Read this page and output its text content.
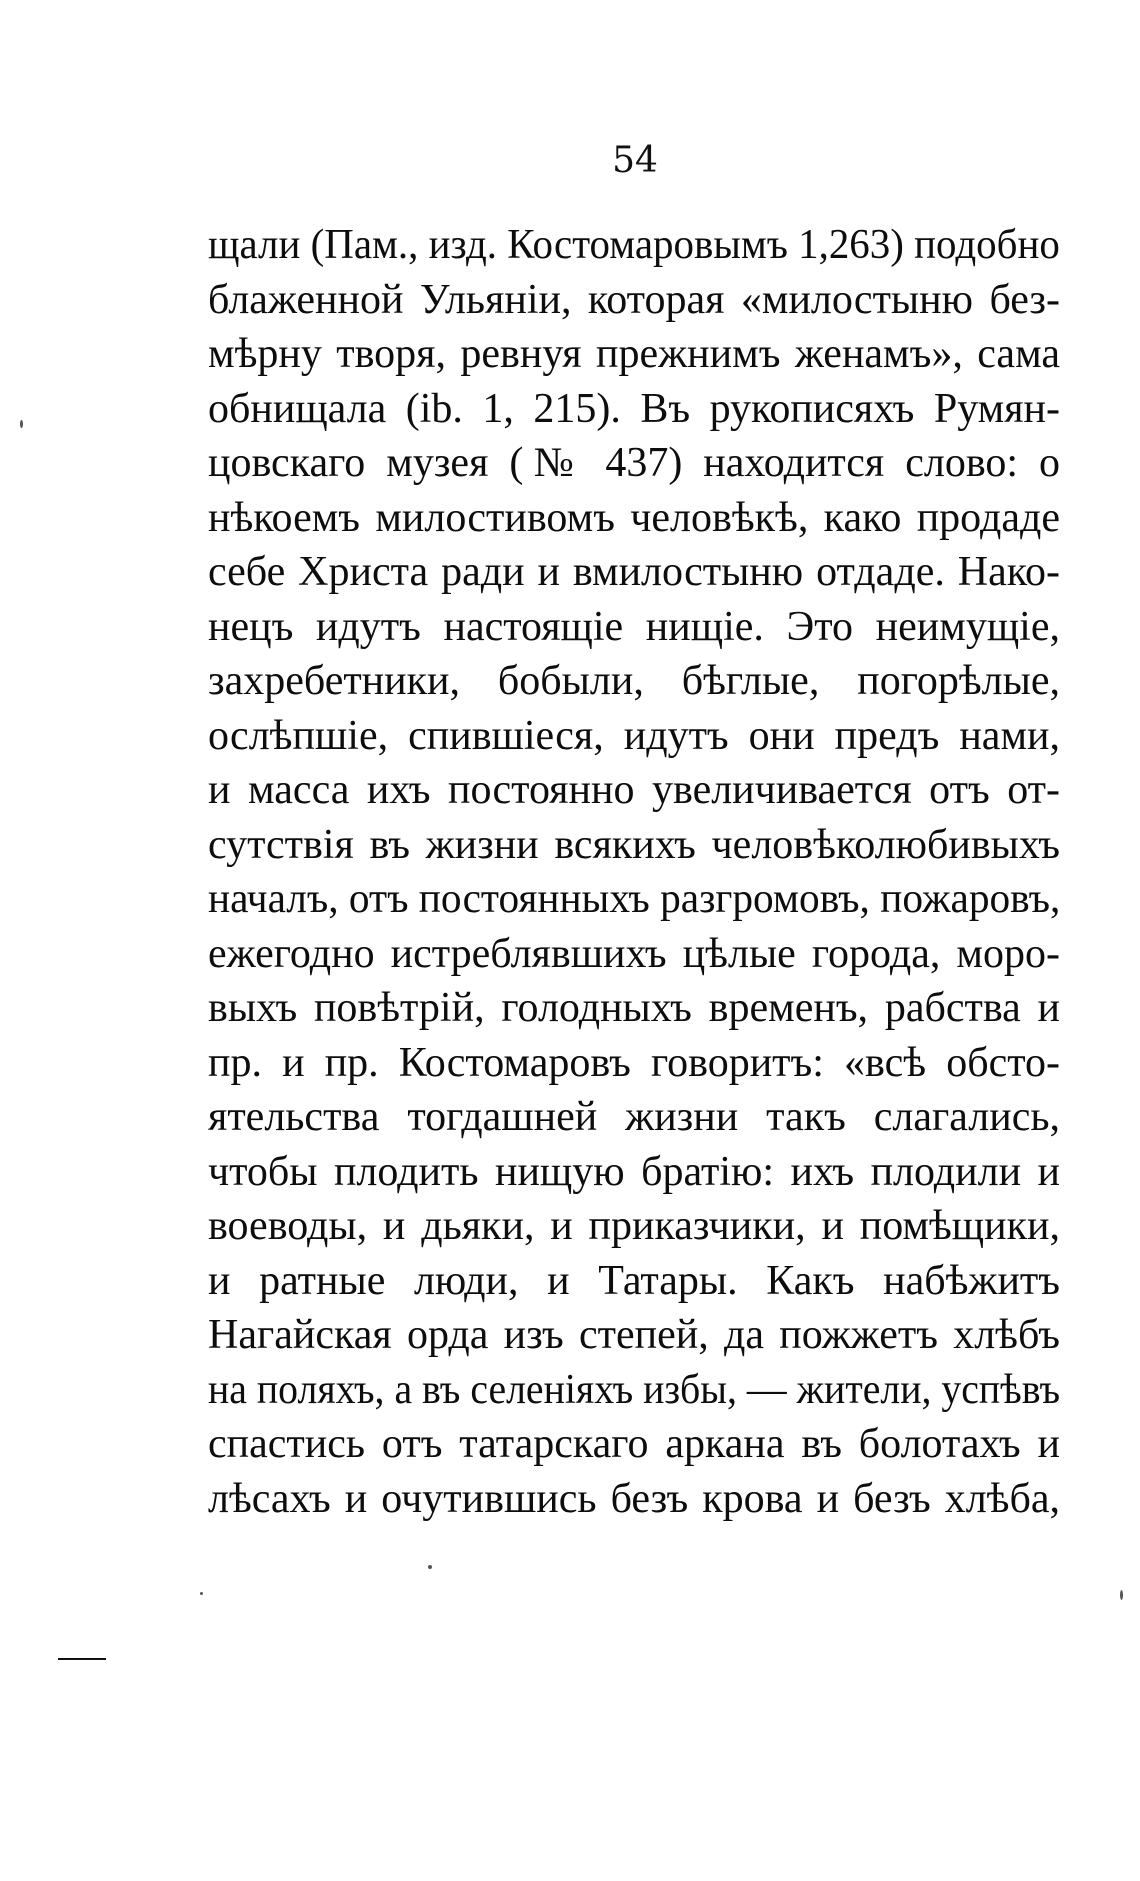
54
щали (Пам., изд. Костомаровымъ 1,263) подобно
блаженной Ульяніи, которая «милостыню без-
мѣрну творя, ревнуя прежнимъ женамъ», сама
обнищала (ib. 1, 215). Въ рукописяхъ Румян-
цовскаго музея (№ 437) находится слово: о
нѣкоемъ милостивомъ человѣкѣ, како продаде
себе Христа ради и вмилостыню отдаде. Нако-
нецъ идутъ настоящіе нищіе. Это неимущіе,
захребетники, бобыли, бѣглые, погорѣлые,
ослѣпшіе, спившіеся, идутъ они предъ нами,
и масса ихъ постоянно увеличивается отъ от-
сутствія въ жизни всякихъ человѣколюбивыхъ
началъ, отъ постоянныхъ разгромовъ, пожаровъ,
ежегодно истреблявшихъ цѣлые города, моро-
выхъ повѣтрій, голодныхъ временъ, рабства и
пр. и пр. Костомаровъ говоритъ: «всѣ обсто-
ятельства тогдашней жизни такъ слагались,
чтобы плодить нищую братію: ихъ плодили и
воеводы, и дьяки, и приказчики, и помѣщики,
и ратные люди, и Татары. Какъ набѣжитъ
Нагайская орда изъ степей, да пожжетъ хлѣбъ
на поляхъ, а въ селеніяхъ избы, — жители, успѣвъ
спастись отъ татарскаго аркана въ болотахъ и
лѣсахъ и очутившись безъ крова и безъ хлѣба,
